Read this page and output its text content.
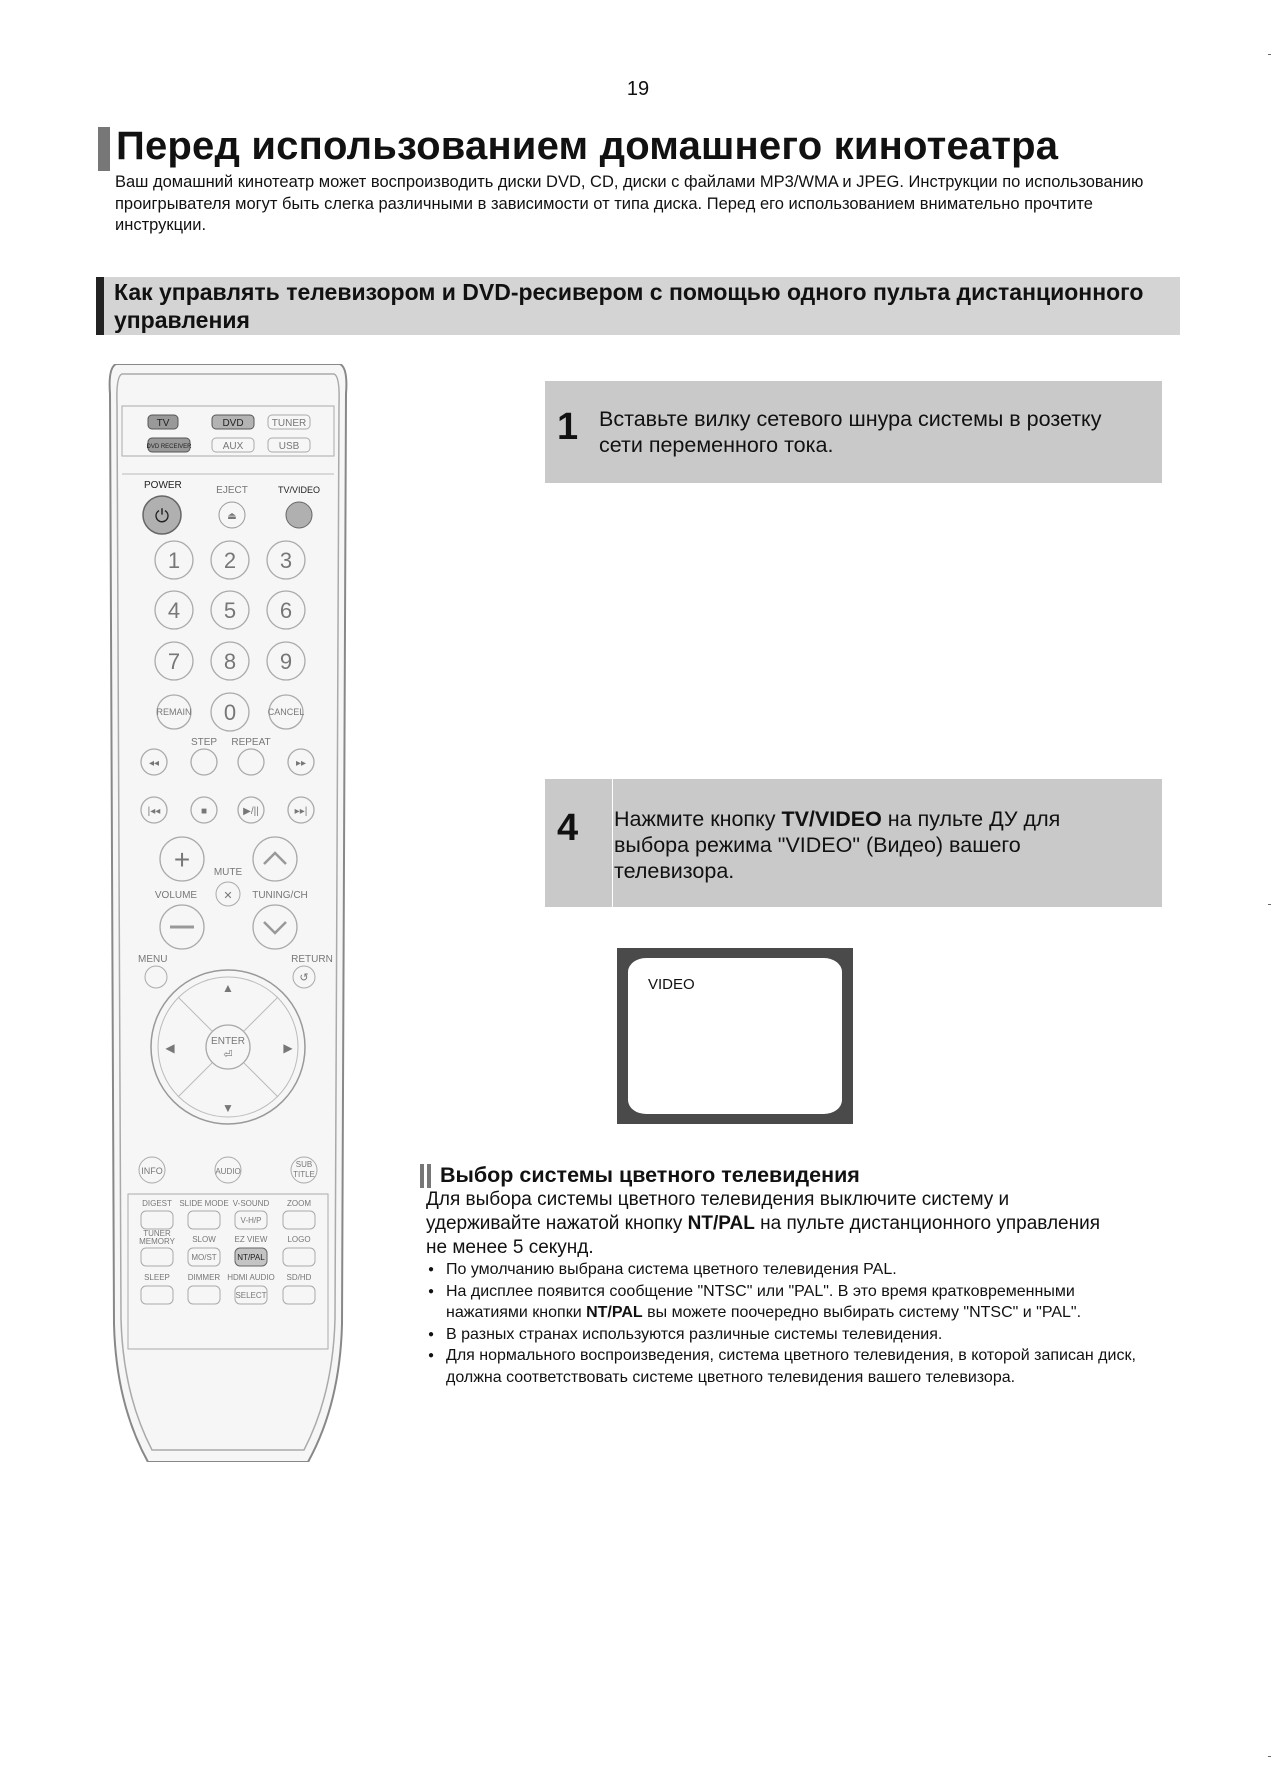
19
Перед использованием домашнего кинотеатра
Ваш домашний кинотеатр может воспроизводить диски DVD, CD, диски с файлами MP3/WMA и JPEG. Инструкции по использованию проигрывателя могут быть слегка различными в зависимости от типа диска. Перед его использованием внимательно прочтите инструкции.
Как управлять телевизором и DVD-ресивером с помощью одного пульта дистанционного управления
TV	DVD	TUNER
DVD RECEIVER	AUX	USB
POWER
⏻
EJECT
⏏
TV/VIDEO
1 2 3
4 5 6
7 8 9
0
REMAIN	CANCEL
STEP REPEAT
◂◂	▸▸
|◂◂	■	▶/||	▸▸|
+ MUTE
✕
VOLUME	TUNING/CH
MENU	RETURN
↺
▲
▼
◀	▶
ENTER
⏎
INFO	AUDIO
SUB
TITLE
DIGEST SLIDE MODE V-SOUND ZOOM
V-H/P
TUNER
MEMORY SLOW EZ VIEW LOGO
MO/ST	NT/PAL
SLEEP DIMMER HDMI AUDIO SD/HD
SELECT
1 Вставьте вилку сетевого шнура системы в розетку сети переменного тока.
4 Нажмите кнопку TV/VIDEO на пульте ДУ для выбора режима "VIDEO" (Видео) вашего телевизора.
VIDEO
Выбор системы цветного телевидения
Для выбора системы цветного телевидения выключите систему и удерживайте нажатой кнопку NT/PAL на пульте дистанционного управления не менее 5 секунд.
● По умолчанию выбрана система цветного телевидения PAL.
● На дисплее появится сообщение "NTSC" или "PAL". В это время кратковременными нажатиями кнопки NT/PAL вы можете поочередно выбирать систему "NTSC" и "PAL".
● В разных странах используются различные системы телевидения.
● Для нормального воспроизведения, система цветного телевидения, в которой записан диск, должна соответствовать системе цветного телевидения вашего телевизора.
